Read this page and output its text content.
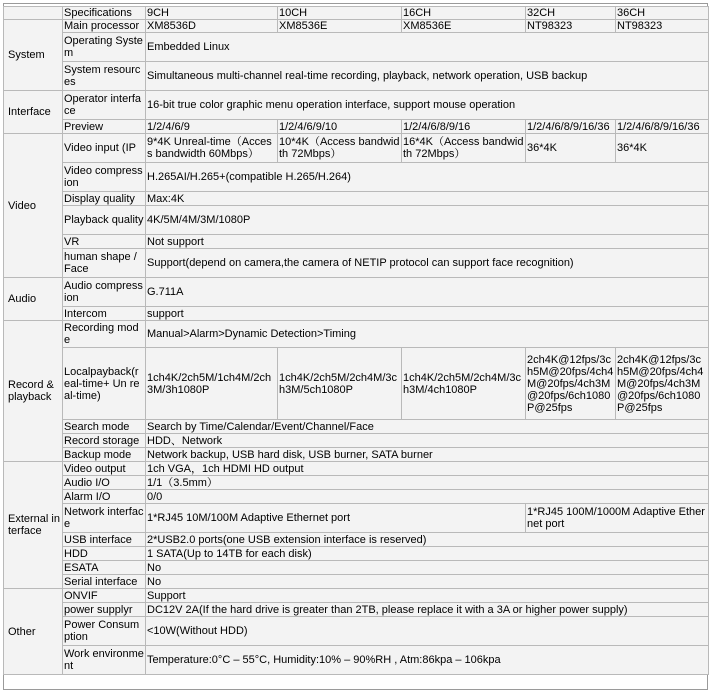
	Specifications	9CH	10CH	16CH	32CH	36CH
System	Main processor	XM8536D	XM8536E	XM8536E	NT98323	NT98323
	Operating System	Embedded Linux				
	System resources	Simultaneous multi-channel real-time recording, playback, network operation, USB backup				
Interface	Operator interface	16-bit true color graphic menu operation interface, support mouse operation				
	Preview	1/2/4/6/9	1/2/4/6/9/10	1/2/4/6/8/9/16	1/2/4/6/8/9/16/36	1/2/4/6/8/9/16/36
Video	Video input (IP	9*4K Unreal-time（Access bandwidth 60Mbps）	10*4K（Access bandwidth 72Mbps）	16*4K（Access bandwidth 72Mbps）	36*4K	36*4K
	Video compression	H.265AI/H.265+(compatible H.265/H.264)				
	Display quality	Max:4K				
	Playback quality	4K/5M/4M/3M/1080P				
	VR	Not support				
	human shape / Face	Support(depend on camera,the camera of NETIP protocol can support face recognition)				
Audio	Audio compression	G.711A				
	Intercom	support				
Record & playback	Recording mode	Manual>Alarm>Dynamic Detection>Timing				
	Localpayback(real-time+ Un real-time)	1ch4K/2ch5M/1ch4M/2ch3M/3h1080P	1ch4K/2ch5M/2ch4M/3ch3M/5ch1080P	1ch4K/2ch5M/2ch4M/3ch3M/4ch1080P	2ch4K@12fps/3ch5M@20fps/4ch4M@20fps/4ch3M@20fps/6ch1080P@25fps	2ch4K@12fps/3ch5M@20fps/4ch4M@20fps/4ch3M@20fps/6ch1080P@25fps
	Search mode	Search by Time/Calendar/Event/Channel/Face				
	Record storage	HDD、Network				
	Backup mode	Network backup, USB hard disk, USB burner, SATA burner				
External interface	Video output	1ch VGA，1ch HDMI HD output				
	Audio I/O	1/1（3.5mm）				
	Alarm I/O	0/0				
	Network interface	1*RJ45 10M/100M Adaptive Ethernet port			1*RJ45 100M/1000M Adaptive Ethernet port	
	USB interface	2*USB2.0 ports(one USB extension interface is reserved)				
	HDD	1 SATA(Up to 14TB for each disk)				
	ESATA	No				
	Serial interface	No				
Other	ONVIF	Support				
	power supplyr	DC12V 2A(If the hard drive is greater than 2TB, please replace it with a 3A or higher power supply)				
	Power Consumption	<10W(Without HDD)				
	Work environment	Temperature:0°C – 55°C, Humidity:10% – 90%RH , Atm:86kpa – 106kpa				
